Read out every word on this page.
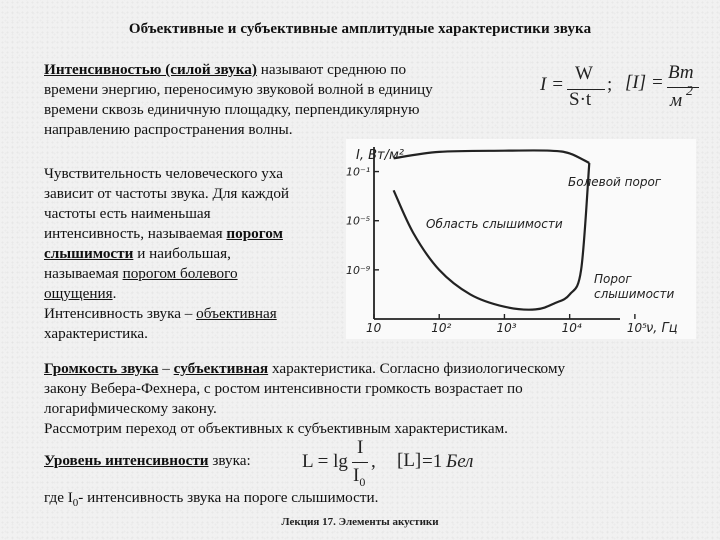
Объективные и субъективные амплитудные характеристики звука
Интенсивностью (силой звука) называют среднюю по
времени энергию, переносимую звуковой волной в единицу
времени сквозь единичную площадку, перпендикулярную
направлению распространения волны.
I =
W
S·t
; [I] = Вт
м 2
Чувствительность человеческого уха
зависит от частоты звука. Для каждой
частоты есть наименьшая
интенсивность, называемая порогом
слышимости и наибольшая,
называемая порогом болевого
ощущения.
Интенсивность звука – объективная
характеристика.
I, Вт/м²
ν, Гц
10⁻¹
10⁻⁵
10⁻⁹
10	10²	10³	10⁴	10⁵
Болевой порог
Область слышимости
Порог
слышимости
Громкость звука – субъективная характеристика. Согласно физиологическому
закону Вебера-Фехнера, с ростом интенсивности громкость возрастает по
логарифмическому закону.
Рассмотрим переход от объективных к субъективным характеристикам.
Уровень интенсивности звука:	L = lg
I
$I_0$
, [L] =1 Бел
где $I_0-$ интенсивность звука на пороге слышимости.
Лекция 17. Элементы акустики
